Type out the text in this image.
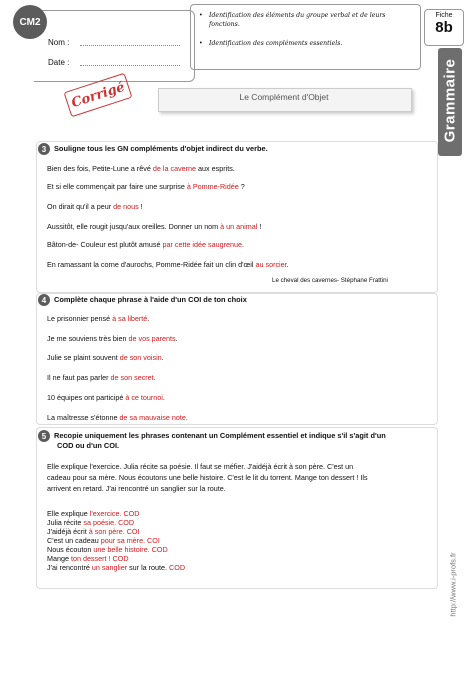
CM2
Nom :
Date :
• Identification des éléments du groupe verbal et de leurs fonctions.
• Identification des compléments essentiels.
Fiche
8b
Grammaire
Le Complément d'Objet
Corrigé
3	Souligne tous les GN compléments d'objet indirect du verbe.
Bien des fois, Petite-Lune a rêvé de la caverne aux esprits.
Et si elle commençait par faire une surprise à Pomme-Ridée ?
On dirait qu'il a peur de nous !
Aussitôt, elle rougit jusqu'aux oreilles. Donner un nom à un animal !
Bâton-de- Couleur est plutôt amusé par cette idée saugrenue.
En ramassant la corne d'aurochs, Pomme-Ridée fait un clin d'œil au sorcier.
Le cheval des cavernes- Stéphane Frattini
4	Complète chaque phrase à l'aide d'un COI de ton choix
Le prisonnier pensé à sa liberté.
Je me souviens très bien de vos parents.
Julie se plaint souvent de son voisin.
Il ne faut pas parler de son secret.
10 équipes ont participé à ce tournoi.
La maîtresse s'étonne de sa mauvaise note.
5	Recopie uniquement les phrases contenant un Complément essentiel et indique s'il s'agit d'un
COD ou d'un COI.
Elle explique l'exercice. Julia récite sa poésie. Il faut se méfier. J'aidéjà écrit à son père. C'est un
cadeau pour sa mère. Nous écoutons une belle histoire. C'est le lit du torrent. Mange ton dessert ! Ils
arrivent en retard. J'ai rencontré un sanglier sur la route.
Elle explique l'exercice. COD
Julia récite sa poésie. COD
J'aidéjà écrit à son père. COI
C'est un cadeau pour sa mère. COI
Nous écouton une belle histoire. COD
Mange ton dessert ! COD
J'ai rencontré un sanglier sur la route. COD	http://www.i-profs.fr
